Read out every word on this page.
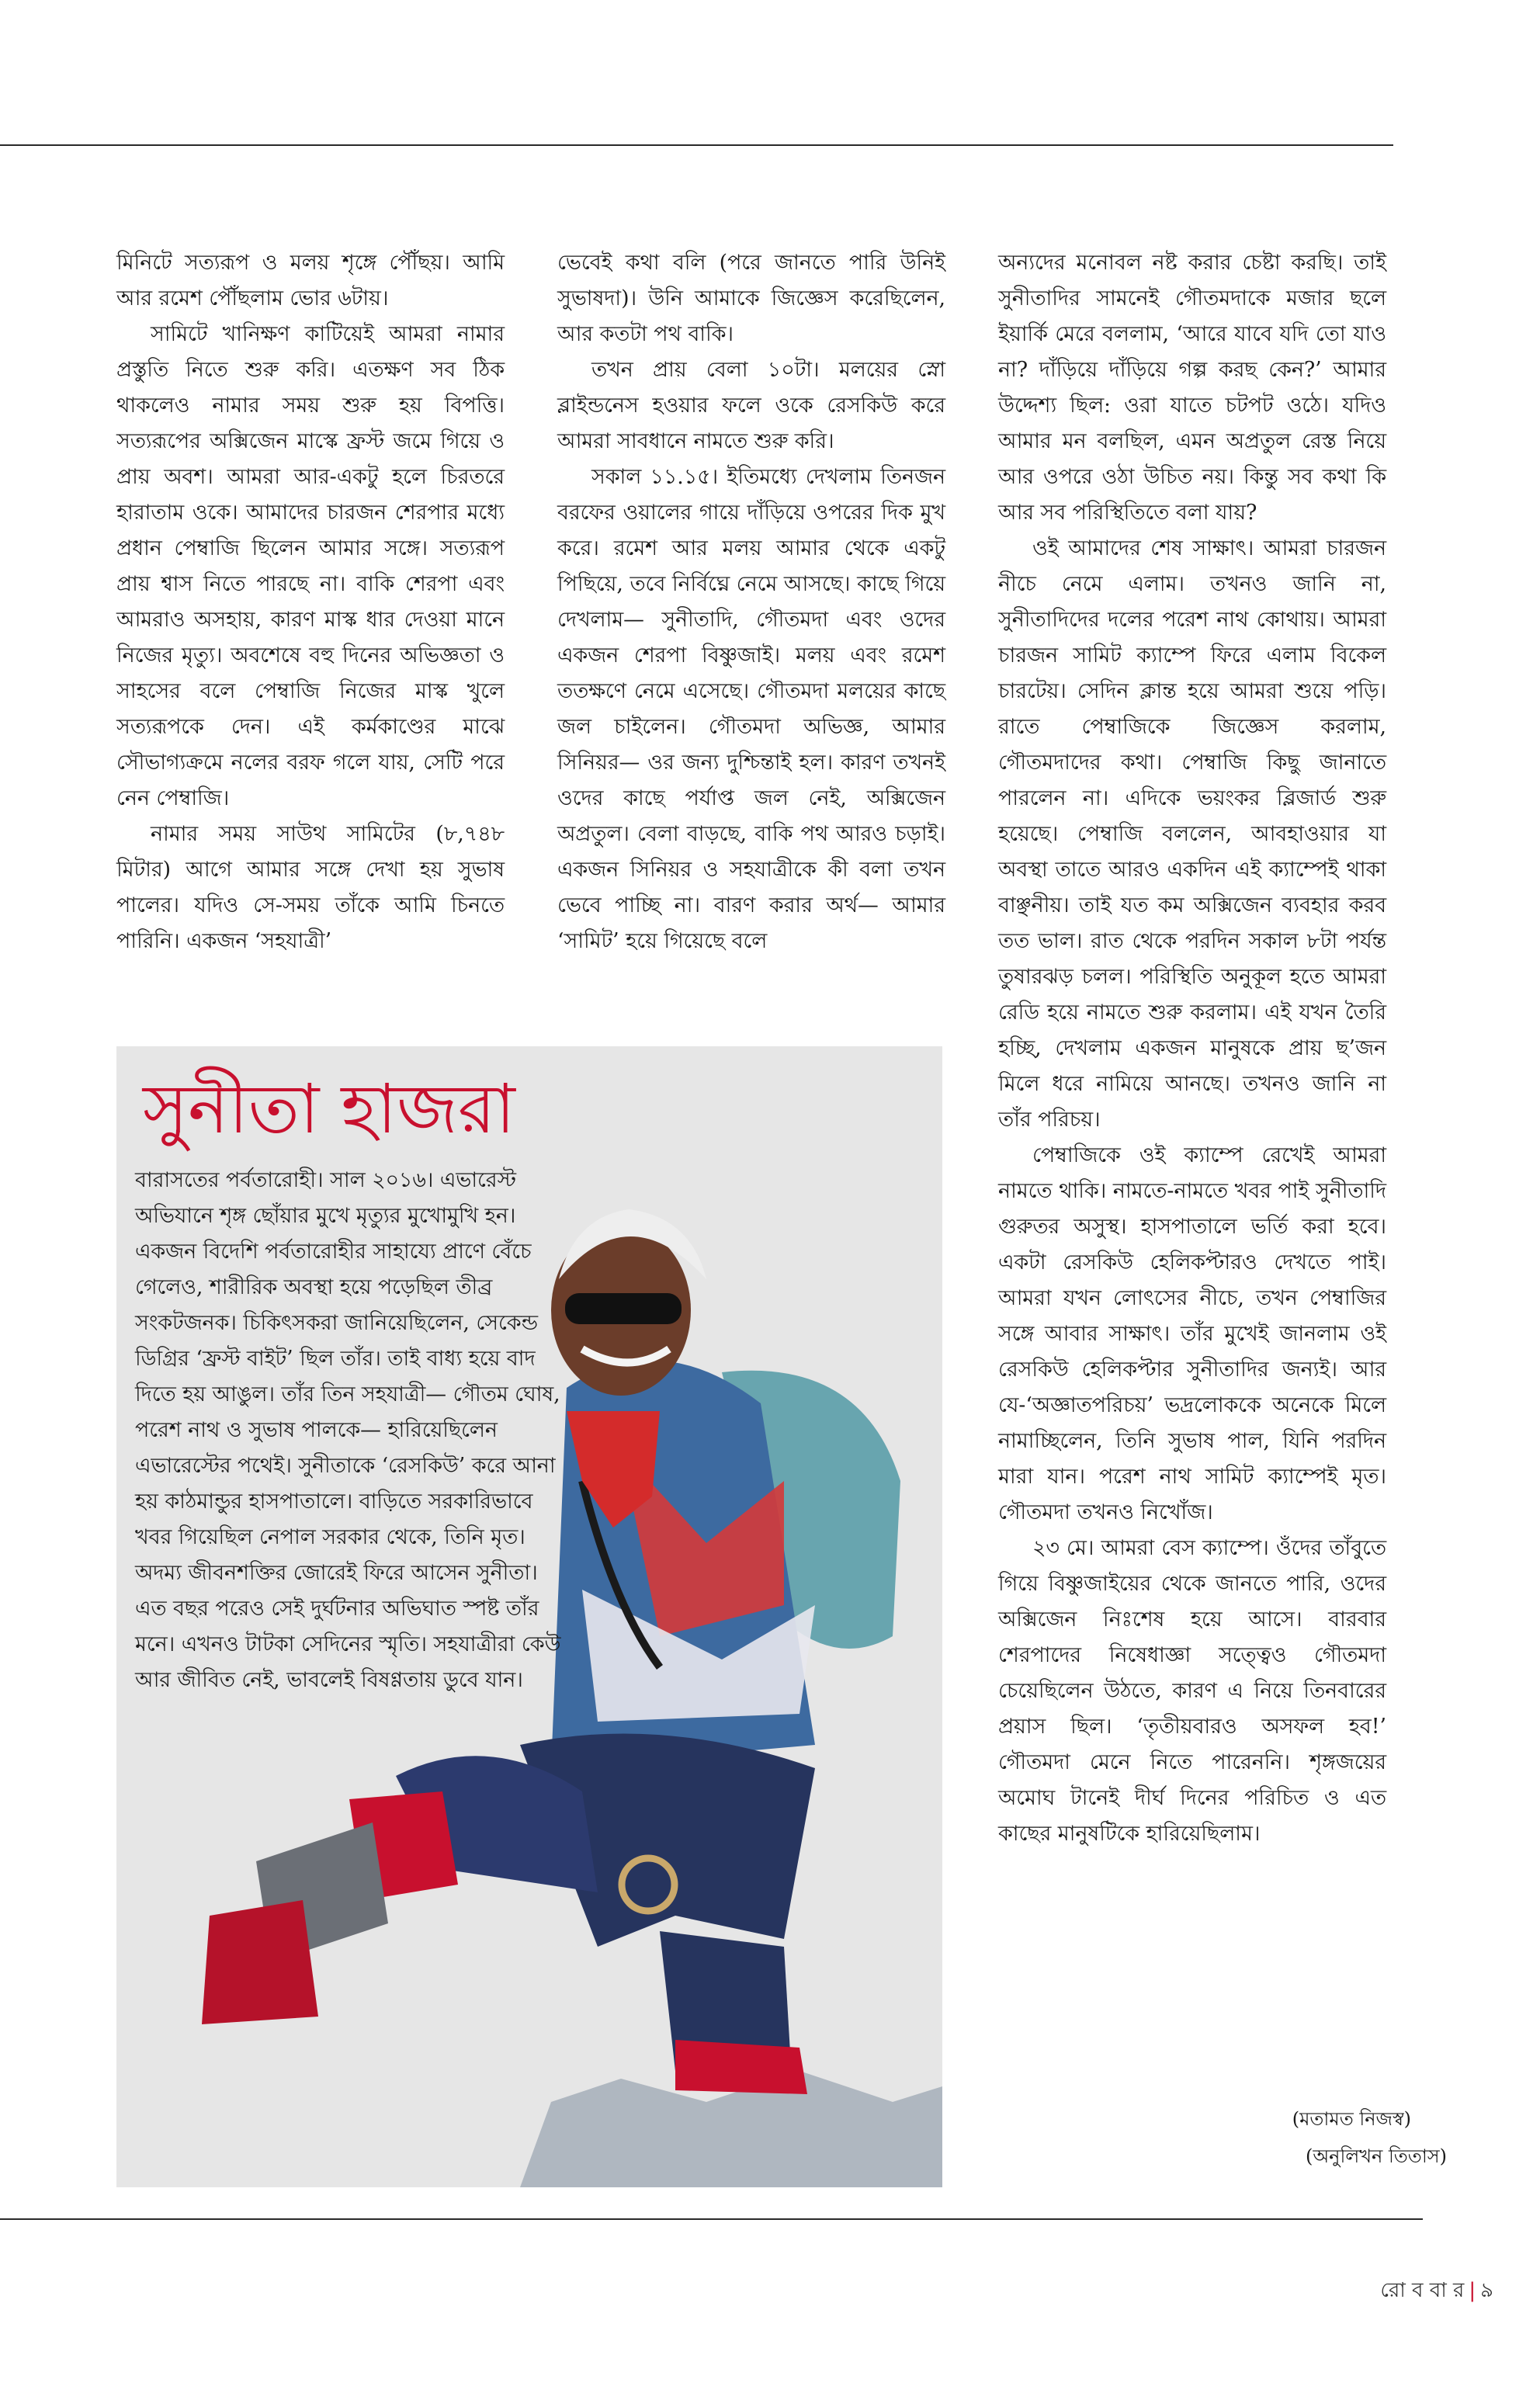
মিনিটে সত্যরূপ ও মলয় শৃঙ্গে পৌঁছয়। আমি আর রমেশ পৌঁছলাম ভোর ৬টায়।

সামিটে খানিক্ষণ কাটিয়েই আমরা নামার প্রস্তুতি নিতে শুরু করি। এতক্ষণ সব ঠিক থাকলেও নামার সময় শুরু হয় বিপত্তি। সত্যরূপের অক্সিজেন মাস্কে ফ্রস্ট জমে গিয়ে ও প্রায় অবশ। আমরা আর-একটু হলে চিরতরে হারাতাম ওকে। আমাদের চারজন শেরপার মধ্যে প্রধান পেম্বাজি ছিলেন আমার সঙ্গে। সত্যরূপ প্রায় শ্বাস নিতে পারছে না। বাকি শেরপা এবং আমরাও অসহায়, কারণ মাস্ক ধার দেওয়া মানে নিজের মৃত্যু। অবশেষে বহু দিনের অভিজ্ঞতা ও সাহসের বলে পেম্বাজি নিজের মাস্ক খুলে সত্যরূপকে দেন। এই কর্মকাণ্ডের মাঝে সৌভাগ্যক্রমে নলের বরফ গলে যায়, সেটি পরে নেন পেম্বাজি।

নামার সময় সাউথ সামিটের (৮,৭৪৮ মিটার) আগে আমার সঙ্গে দেখা হয় সুভাষ পালের। যদিও সে-সময় তাঁকে আমি চিনতে পারিনি। একজন ‘সহযাত্রী’

ভেবেই কথা বলি (পরে জানতে পারি উনিই সুভাষদা)। উনি আমাকে জিজ্ঞেস করেছিলেন, আর কতটা পথ বাকি।

তখন প্রায় বেলা ১০টা। মলয়ের স্নো ব্লাইন্ডনেস হওয়ার ফলে ওকে রেসকিউ করে আমরা সাবধানে নামতে শুরু করি।

সকাল ১১.১৫। ইতিমধ্যে দেখলাম তিনজন বরফের ওয়ালের গায়ে দাঁড়িয়ে ওপরের দিক মুখ করে। রমেশ আর মলয় আমার থেকে একটু পিছিয়ে, তবে নির্বিঘ্নে নেমে আসছে। কাছে গিয়ে দেখলাম— সুনীতাদি, গৌতমদা এবং ওদের একজন শেরপা বিষ্ণুজাই। মলয় এবং রমেশ ততক্ষণে নেমে এসেছে। গৌতমদা মলয়ের কাছে জল চাইলেন। গৌতমদা অভিজ্ঞ, আমার সিনিয়র— ওর জন্য দুশ্চিন্তাই হল। কারণ তখনই ওদের কাছে পর্যাপ্ত জল নেই, অক্সিজেন অপ্রতুল। বেলা বাড়ছে, বাকি পথ আরও চড়াই। একজন সিনিয়র ও সহযাত্রীকে কী বলা তখন ভেবে পাচ্ছি না। বারণ করার অর্থ— আমার ‘সামিট’ হয়ে গিয়েছে বলে

অন্যদের মনোবল নষ্ট করার চেষ্টা করছি। তাই সুনীতাদির সামনেই গৌতমদাকে মজার ছলে ইয়ার্কি মেরে বললাম, ‘আরে যাবে যদি তো যাও না? দাঁড়িয়ে দাঁড়িয়ে গল্প করছ কেন?’ আমার উদ্দেশ্য ছিল: ওরা যাতে চটপট ওঠে। যদিও আমার মন বলছিল, এমন অপ্রতুল রেস্ত নিয়ে আর ওপরে ওঠা উচিত নয়। কিন্তু সব কথা কি আর সব পরিস্থিতিতে বলা যায়?

ওই আমাদের শেষ সাক্ষাৎ। আমরা চারজন নীচে নেমে এলাম। তখনও জানি না, সুনীতাদিদের দলের পরেশ নাথ কোথায়। আমরা চারজন সামিট ক্যাম্পে ফিরে এলাম বিকেল চারটেয়। সেদিন ক্লান্ত হয়ে আমরা শুয়ে পড়ি। রাতে পেম্বাজিকে জিজ্ঞেস করলাম, গৌতমদাদের কথা। পেম্বাজি কিছু জানাতে পারলেন না। এদিকে ভয়ংকর ব্লিজার্ড শুরু হয়েছে। পেম্বাজি বললেন, আবহাওয়ার যা অবস্থা তাতে আরও একদিন এই ক্যাম্পেই থাকা বাঞ্ছনীয়। তাই যত কম অক্সিজেন ব্যবহার করব তত ভাল। রাত থেকে পরদিন সকাল ৮টা পর্যন্ত তুষারঝড় চলল। পরিস্থিতি অনুকূল হতে আমরা রেডি হয়ে নামতে শুরু করলাম। এই যখন তৈরি হচ্ছি, দেখলাম একজন মানুষকে প্রায় ছ’জন মিলে ধরে নামিয়ে আনছে। তখনও জানি না তাঁর পরিচয়।

পেম্বাজিকে ওই ক্যাম্পে রেখেই আমরা নামতে থাকি। নামতে-নামতে খবর পাই সুনীতাদি গুরুতর অসুস্থ। হাসপাতালে ভর্তি করা হবে। একটা রেসকিউ হেলিকপ্টারও দেখতে পাই। আমরা যখন লোৎসের নীচে, তখন পেম্বাজির সঙ্গে আবার সাক্ষাৎ। তাঁর মুখেই জানলাম ওই রেসকিউ হেলিকপ্টার সুনীতাদির জন্যই। আর যে-‘অজ্ঞাতপরিচয়’ ভদ্রলোককে অনেকে মিলে নামাচ্ছিলেন, তিনি সুভাষ পাল, যিনি পরদিন মারা যান। পরেশ নাথ সামিট ক্যাম্পেই মৃত। গৌতমদা তখনও নিখোঁজ।

২৩ মে। আমরা বেস ক্যাম্পে। ওঁদের তাঁবুতে গিয়ে বিষ্ণুজাইয়ের থেকে জানতে পারি, ওদের অক্সিজেন নিঃশেষ হয়ে আসে। বারবার শেরপাদের নিষেধাজ্ঞা সত্ত্বেও গৌতমদা চেয়েছিলেন উঠতে, কারণ এ নিয়ে তিনবারের প্রয়াস ছিল। ‘তৃতীয়বারও অসফল হব!’ গৌতমদা মেনে নিতে পারেননি। শৃঙ্গজয়ের অমোঘ টানেই দীর্ঘ দিনের পরিচিত ও এত কাছের মানুষটিকে হারিয়েছিলাম।

সুনীতা হাজরা

বারাসতের পর্বতারোহী। সাল ২০১৬। এভারেস্ট অভিযানে শৃঙ্গ ছোঁয়ার মুখে মৃত্যুর মুখোমুখি হন। একজন বিদেশি পর্বতারোহীর সাহায্যে প্রাণে বেঁচে গেলেও, শারীরিক অবস্থা হয়ে পড়েছিল তীব্র সংকটজনক। চিকিৎসকরা জানিয়েছিলেন, সেকেন্ড ডিগ্রির ‘ফ্রস্ট বাইট’ ছিল তাঁর। তাই বাধ্য হয়ে বাদ দিতে হয় আঙুল। তাঁর তিন সহযাত্রী— গৌতম ঘোষ, পরেশ নাথ ও সুভাষ পালকে— হারিয়েছিলেন এভারেস্টের পথেই। সুনীতাকে ‘রেসকিউ’ করে আনা হয় কাঠমান্ডুর হাসপাতালে। বাড়িতে সরকারিভাবে খবর গিয়েছিল নেপাল সরকার থেকে, তিনি মৃত। অদম্য জীবনশক্তির জোরেই ফিরে আসেন সুনীতা। এত বছর পরেও সেই দুর্ঘটনার অভিঘাত স্পষ্ট তাঁর মনে। এখনও টাটকা সেদিনের স্মৃতি। সহযাত্রীরা কেউ আর জীবিত নেই, ভাবলেই বিষণ্ণতায় ডুবে যান।

(মতামত নিজস্ব)

(অনুলিখন তিতাস)

রো ব বা র | ৯
